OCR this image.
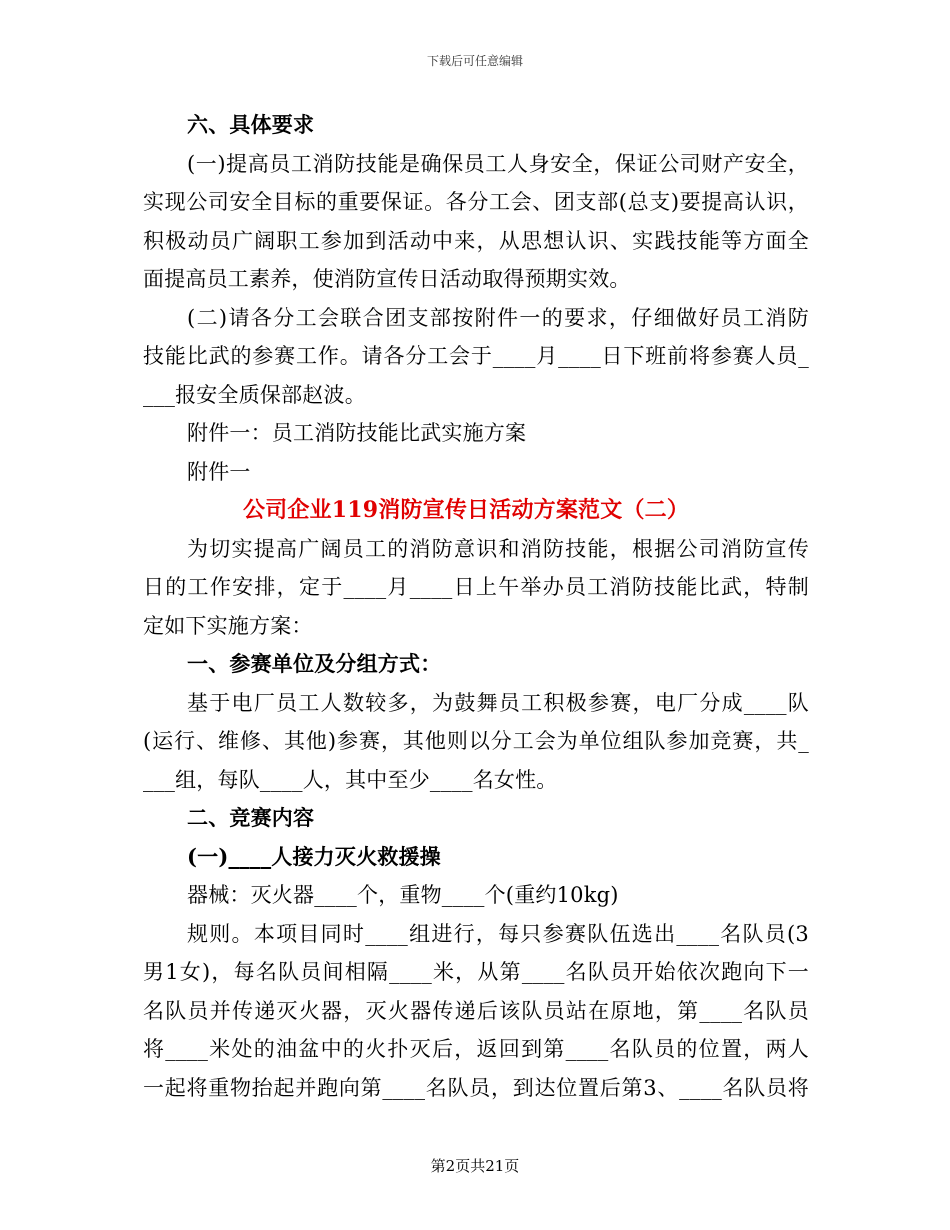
下载后可任意编辑
六、具体要求
(一)提高员工消防技能是确保员工人身安全，保证公司财产安全，
实现公司安全目标的重要保证。各分工会、团支部(总支)要提高认识，
积极动员广阔职工参加到活动中来，从思想认识、实践技能等方面全
面提高员工素养，使消防宣传日活动取得预期实效。
(二)请各分工会联合团支部按附件一的要求，仔细做好员工消防
技能比武的参赛工作。请各分工会于____月____日下班前将参赛人员_
___报安全质保部赵波。
附件一：员工消防技能比武实施方案
附件一
公司企业119消防宣传日活动方案范文（二）
为切实提高广阔员工的消防意识和消防技能，根据公司消防宣传
日的工作安排，定于____月____日上午举办员工消防技能比武，特制
定如下实施方案：
一、参赛单位及分组方式：
基于电厂员工人数较多，为鼓舞员工积极参赛，电厂分成____队
(运行、维修、其他)参赛，其他则以分工会为单位组队参加竞赛，共_
___组，每队____人，其中至少____名女性。
二、竞赛内容
(一)____人接力灭火救援操
器械：灭火器____个，重物____个(重约10kg)
规则。本项目同时____组进行，每只参赛队伍选出____名队员(3
男1女)，每名队员间相隔____米，从第____名队员开始依次跑向下一
名队员并传递灭火器，灭火器传递后该队员站在原地，第____名队员
将____米处的油盆中的火扑灭后，返回到第____名队员的位置，两人
一起将重物抬起并跑向第____名队员，到达位置后第3、____名队员将
第2页共21页
